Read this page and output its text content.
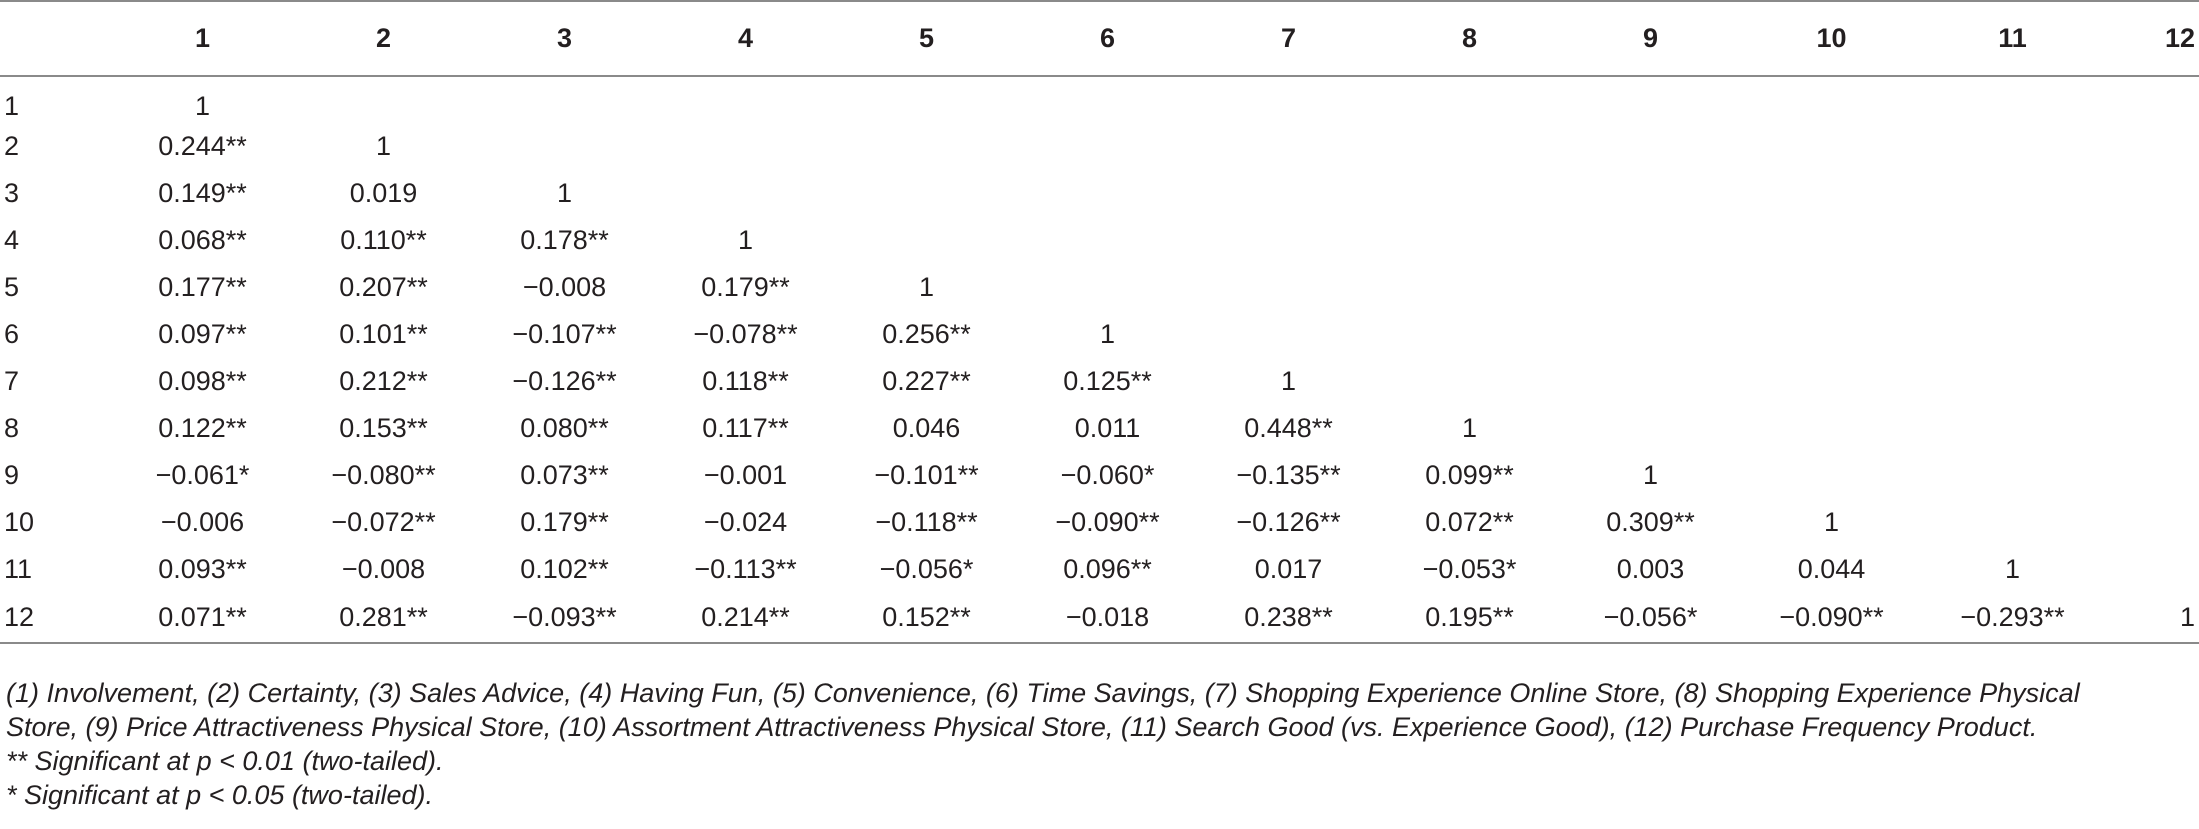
	1	2	3	4	5	6	7	8	9	10	11	12
1	1											
2	0.244**	1										
3	0.149**	0.019	1									
4	0.068**	0.110**	0.178**	1								
5	0.177**	0.207**	−0.008	0.179**	1							
6	0.097**	0.101**	−0.107**	−0.078**	0.256**	1						
7	0.098**	0.212**	−0.126**	0.118**	0.227**	0.125**	1					
8	0.122**	0.153**	0.080**	0.117**	0.046	0.011	0.448**	1				
9	−0.061*	−0.080**	0.073**	−0.001	−0.101**	−0.060*	−0.135**	0.099**	1			
10	−0.006	−0.072**	0.179**	−0.024	−0.118**	−0.090**	−0.126**	0.072**	0.309**	1		
11	0.093**	−0.008	0.102**	−0.113**	−0.056*	0.096**	0.017	−0.053*	0.003	0.044	1	
12	0.071**	0.281**	−0.093**	0.214**	0.152**	−0.018	0.238**	0.195**	−0.056*	−0.090**	−0.293**	1

(1) Involvement, (2) Certainty, (3) Sales Advice, (4) Having Fun, (5) Convenience, (6) Time Savings, (7) Shopping Experience Online Store, (8) Shopping Experience Physical Store, (9) Price Attractiveness Physical Store, (10) Assortment Attractiveness Physical Store, (11) Search Good (vs. Experience Good), (12) Purchase Frequency Product.

** Significant at p < 0.01 (two-tailed).

* Significant at p < 0.05 (two-tailed).
